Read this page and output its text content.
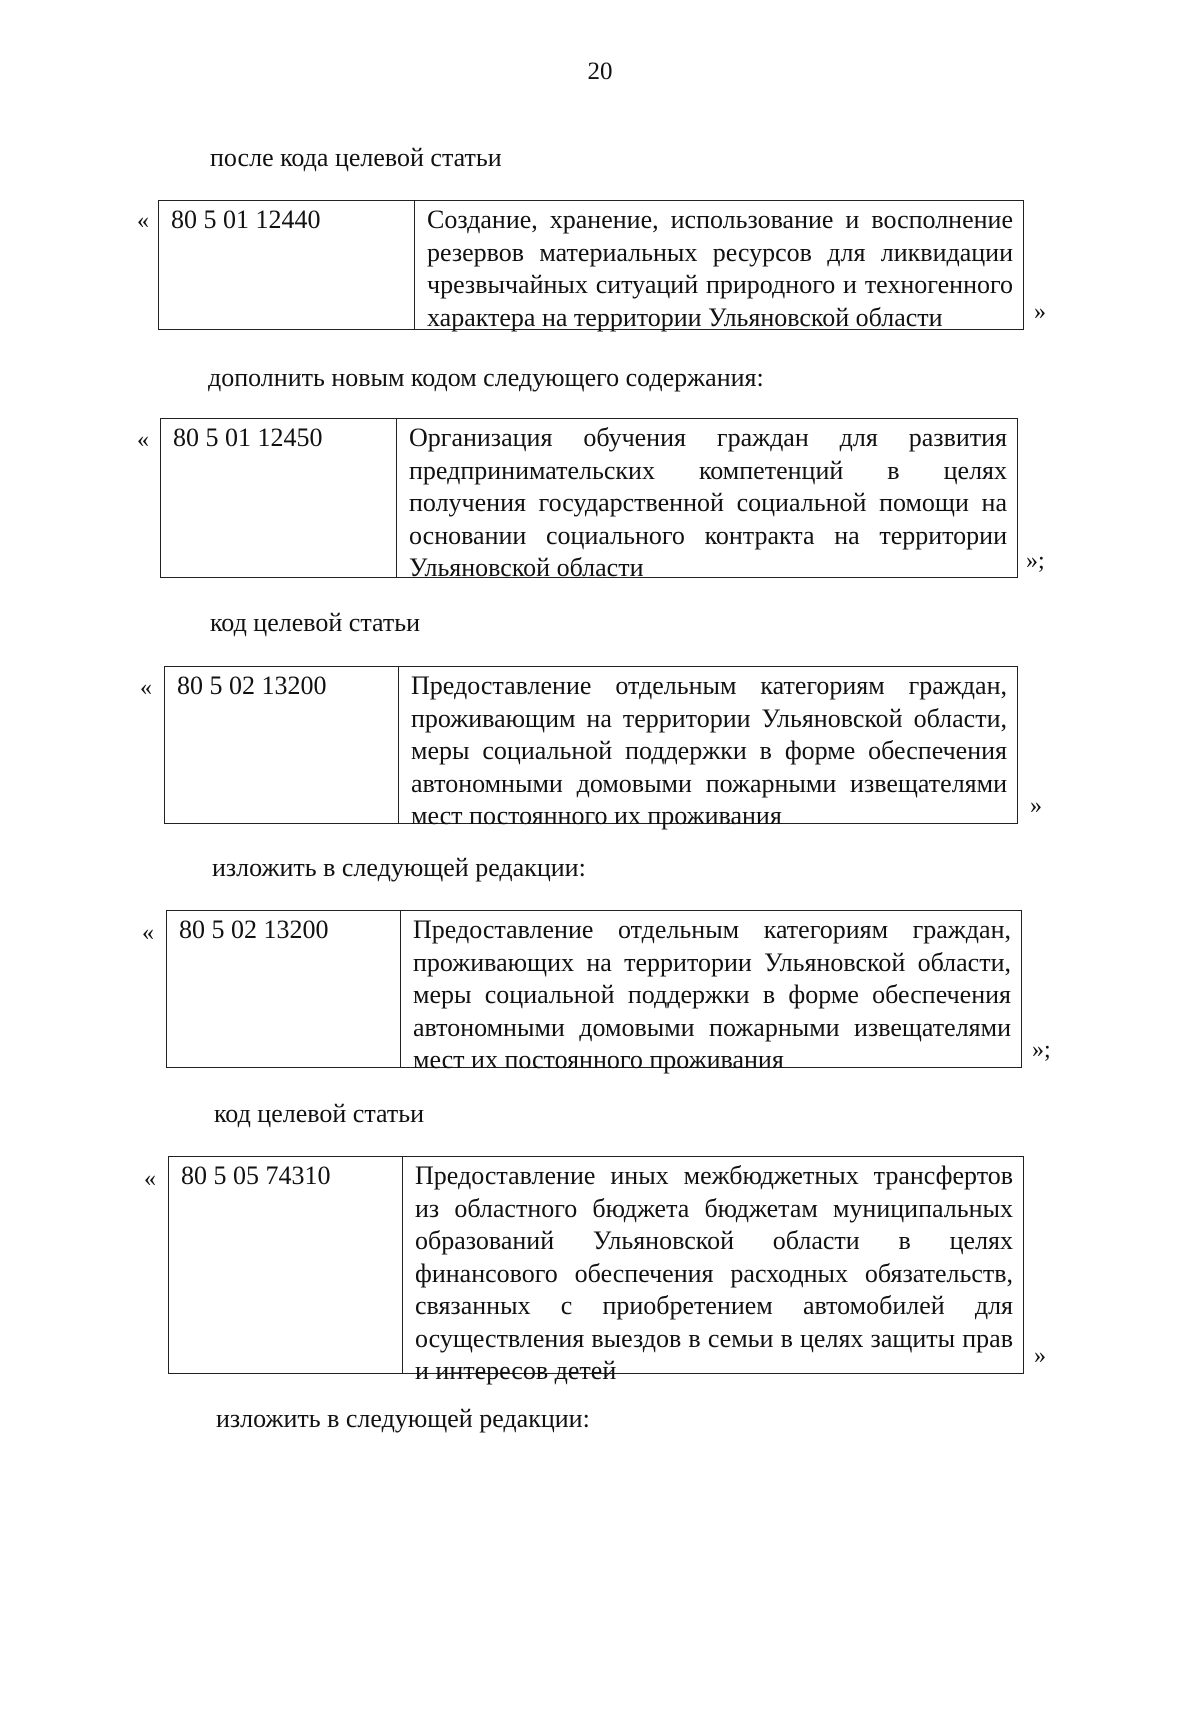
20
после кода целевой статьи
« 80 5 01 12440	Создание, хранение, использование и восполнение резервов материальных ресурсов для ликвидации чрезвычайных ситуаций природного и техногенного характера на территории Ульяновской области	»
дополнить новым кодом следующего содержания:
« 80 5 01 12450	Организация обучения граждан для развития предпринимательских компетенций в целях получения государственной социальной помощи на основании социального контракта на территории Ульяновской области	»;
код целевой статьи
« 80 5 02 13200	Предоставление отдельным категориям граждан, проживающим на территории Ульяновской области, меры социальной поддержки в форме обеспечения автономными домовыми пожарными извещателями мест постоянного их проживания	»
изложить в следующей редакции:
« 80 5 02 13200	Предоставление отдельным категориям граждан, проживающих на территории Ульяновской области, меры социальной поддержки в форме обеспечения автономными домовыми пожарными извещателями мест их постоянного проживания	»;
код целевой статьи
« 80 5 05 74310	Предоставление иных межбюджетных трансфертов из областного бюджета бюджетам муниципальных образований Ульяновской области в целях финансового обеспечения расходных обязательств, связанных с приобретением автомобилей для осуществления выездов в семьи в целях защиты прав и интересов детей	»
изложить в следующей редакции:
